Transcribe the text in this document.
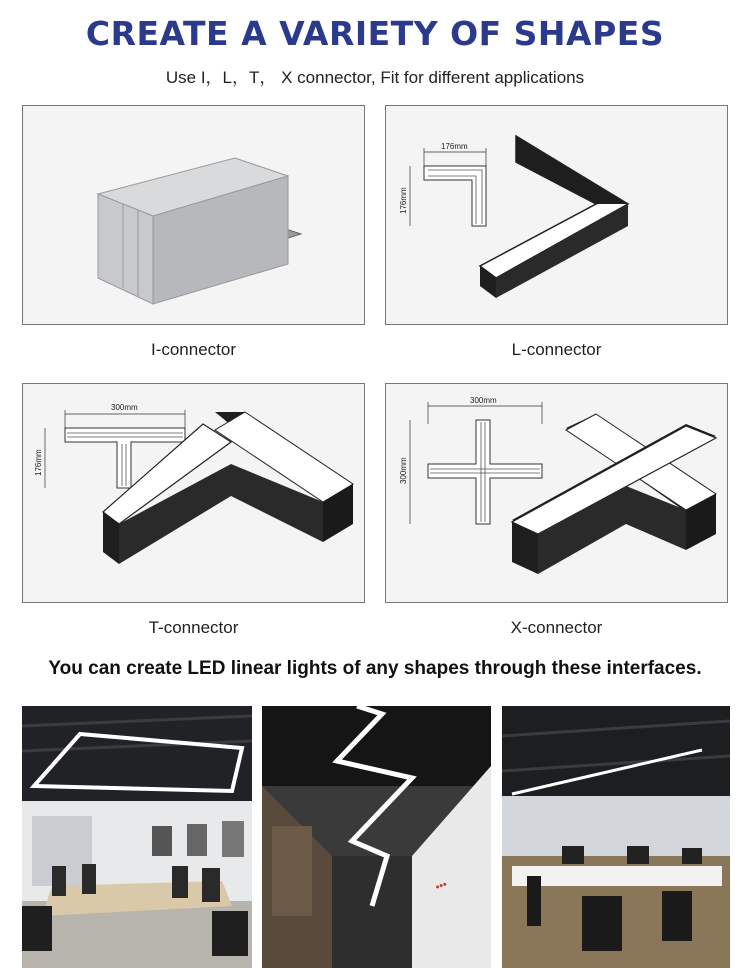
CREATE A VARIETY OF SHAPES
Use I，L，T， X connector, Fit for different applications
I-connector
176mm
176mm
L-connector
300mm
176mm
T-connector
300mm
300mm
X-connector
You can create LED linear lights of any shapes through these interfaces.
•••
